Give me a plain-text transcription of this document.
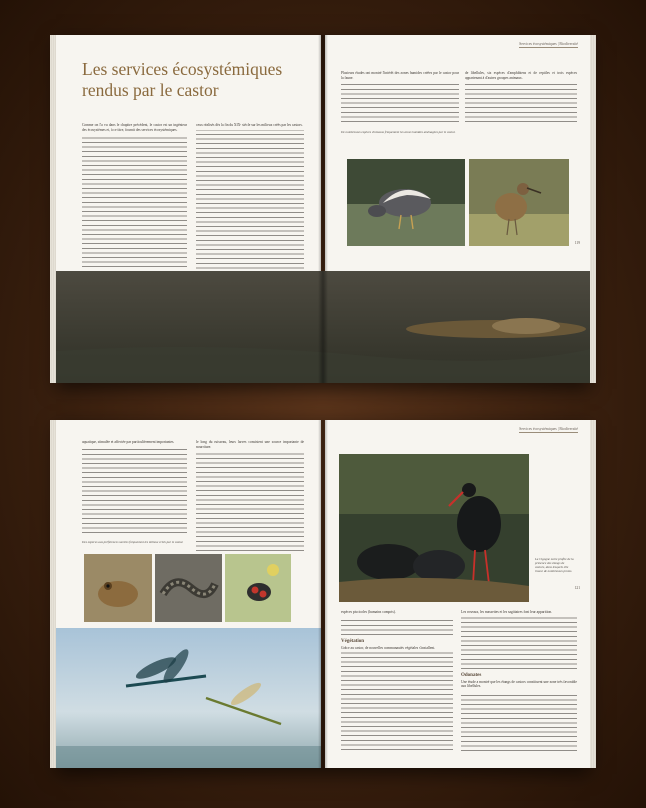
Les services écosystémiques
rendus par le castor

Comme on l'a vu dans le chapitre précédent, le castor est un ingénieur des écosystèmes et, à ce titre, fournit des services écosystémiques.

ceux réalisés dès la fin du XIXᵉ siècle sur les milieux créés par les castors.

Services écosystémiques | Biodiversité

Plusieurs études ont montré l'intérêt des zones humides créées par le castor pour la faune.

de libellules, six espèces d'amphibiens et de reptiles et trois espèces appartenant à d'autres groupes animaux.

De nombreuses espèces d'oiseaux fréquentent les zones humides aménagées par le castor.
119

aquatique, stimulée et affectée par particulièrement importantes.	le long du ruisseau, leurs larves consistent une source importante de nourriture.

Des espèces aux préférences variées fréquentent les milieux créés par le castor.
Services écosystémiques | Biodiversité
La Cigogne noire profite de la présence des étangs de castors, dans lesquels elle trouve de nombreuses proies.
121

espèces piscicoles (humains compris).

Végétation

Grâce au castor, de nouvelles communautés végétales s'installent.

Les roseaux, les massettes et les sagittaires font leur apparition.

Odonates

Une étude a montré que les étangs de castors constituent une zone très favorable aux libellules.
